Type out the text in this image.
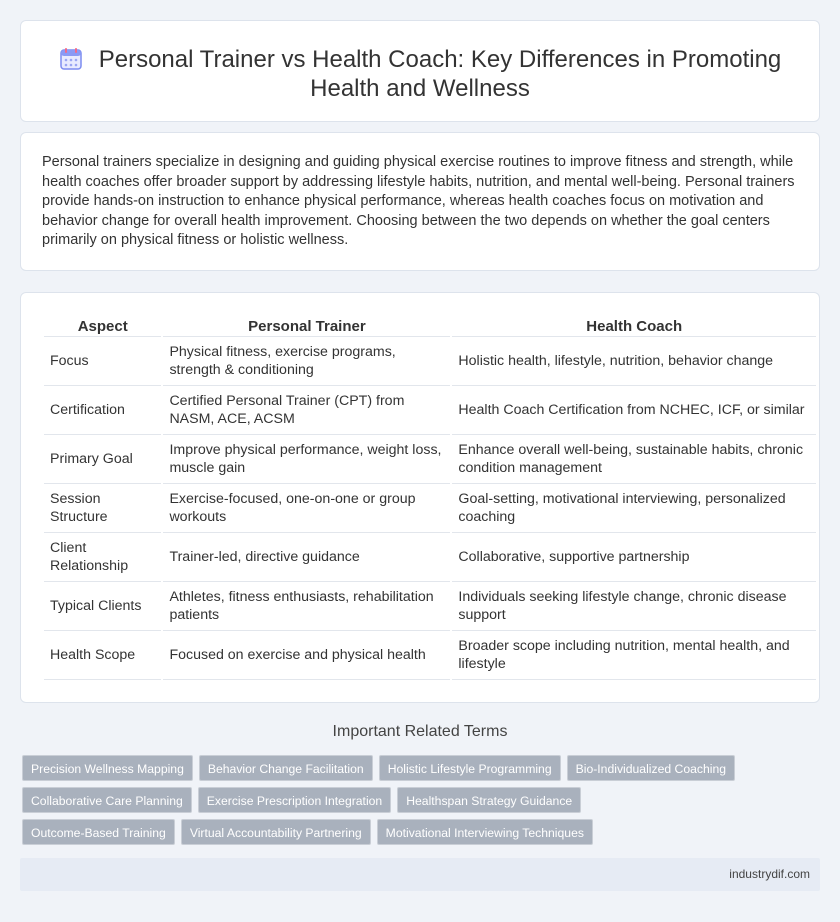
Personal Trainer vs Health Coach: Key Differences in Promoting Health and Wellness

Personal trainers specialize in designing and guiding physical exercise routines to improve fitness and strength, while health coaches offer broader support by addressing lifestyle habits, nutrition, and mental well-being. Personal trainers provide hands-on instruction to enhance physical performance, whereas health coaches focus on motivation and behavior change for overall health improvement. Choosing between the two depends on whether the goal centers primarily on physical fitness or holistic wellness.

Aspect	Personal Trainer	Health Coach
Focus	Physical fitness, exercise programs, strength & conditioning	Holistic health, lifestyle, nutrition, behavior change
Certification	Certified Personal Trainer (CPT) from NASM, ACE, ACSM	Health Coach Certification from NCHEC, ICF, or similar
Primary Goal	Improve physical performance, weight loss, muscle gain	Enhance overall well-being, sustainable habits, chronic condition management
Session Structure	Exercise-focused, one-on-one or group workouts	Goal-setting, motivational interviewing, personalized coaching
Client Relationship	Trainer-led, directive guidance	Collaborative, supportive partnership
Typical Clients	Athletes, fitness enthusiasts, rehabilitation patients	Individuals seeking lifestyle change, chronic disease support
Health Scope	Focused on exercise and physical health	Broader scope including nutrition, mental health, and lifestyle
Important Related Terms
Precision Wellness Mapping	Behavior Change Facilitation	Holistic Lifestyle Programming	Bio-Individualized Coaching
Collaborative Care Planning	Exercise Prescription Integration	Healthspan Strategy Guidance
Outcome-Based Training	Virtual Accountability Partnering	Motivational Interviewing Techniques
industrydif.com
